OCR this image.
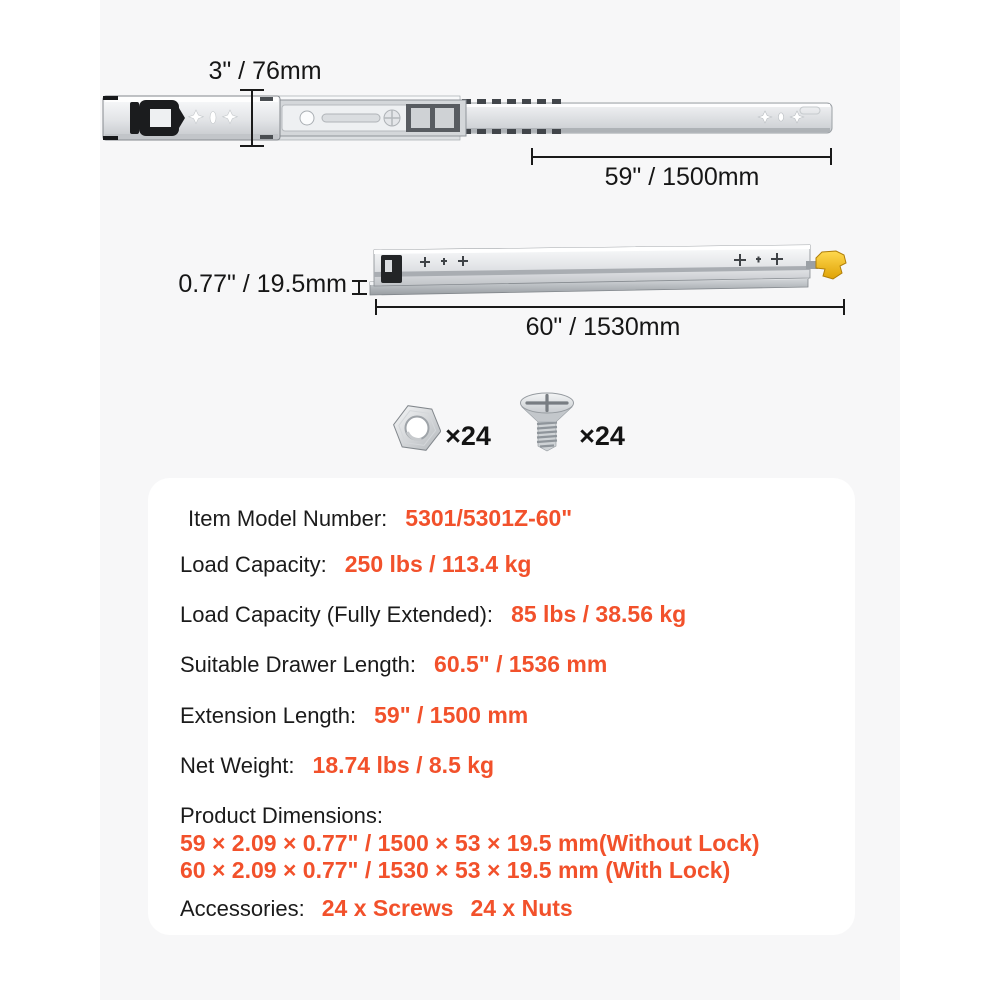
3" / 76mm
59" / 1500mm
0.77" / 19.5mm
60" / 1530mm
×24	×24
Item Model Number: 5301/5301Z-60"
Load Capacity: 250 lbs / 113.4 kg
Load Capacity (Fully Extended): 85 lbs / 38.56 kg
Suitable Drawer Length: 60.5" / 1536 mm
Extension Length: 59" / 1500 mm
Net Weight: 18.74 lbs / 8.5 kg
Product Dimensions:
59 × 2.09 × 0.77" / 1500 × 53 × 19.5 mm(Without Lock)
60 × 2.09 × 0.77" / 1530 × 53 × 19.5 mm (With Lock)
Accessories: 24 x Screws 24 x Nuts
